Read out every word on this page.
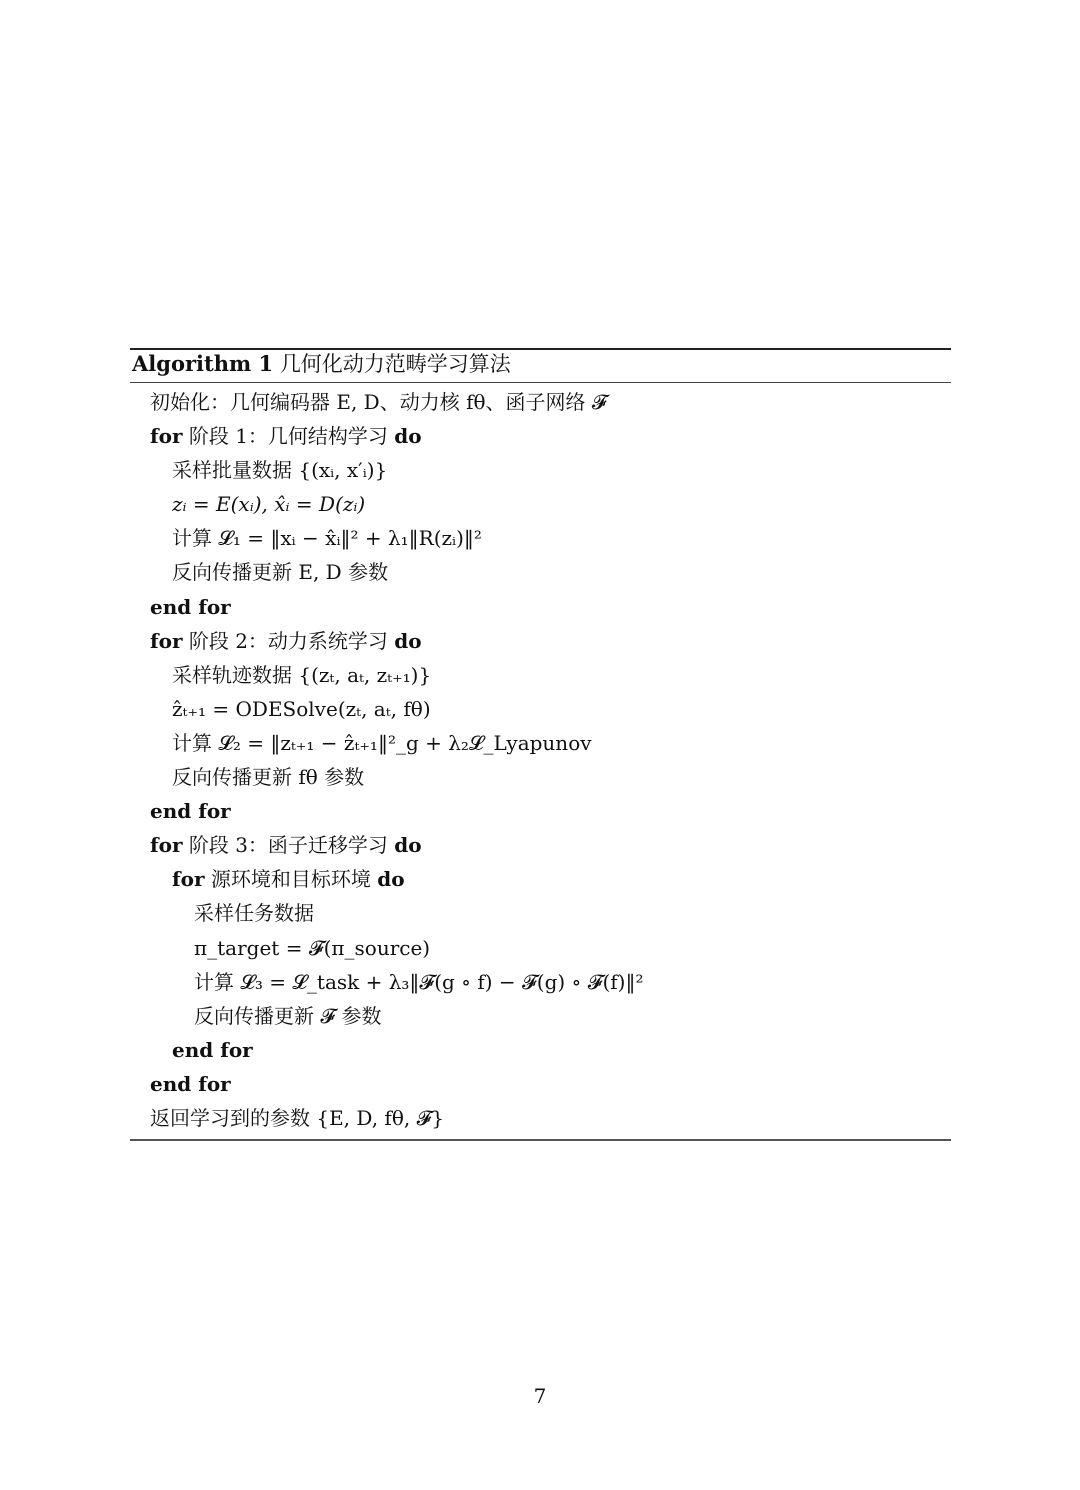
Algorithm 1 几何化动力范畴学习算法
初始化：几何编码器 E, D、动力核 fθ、函子网络 𝓕
for 阶段 1：几何结构学习 do
采样批量数据 {(xᵢ, x′ᵢ)}
zᵢ = E(xᵢ), x̂ᵢ = D(zᵢ)
计算 𝓛₁ = ‖xᵢ − x̂ᵢ‖² + λ₁‖R(zᵢ)‖²
反向传播更新 E, D 参数
end for
for 阶段 2：动力系统学习 do
采样轨迹数据 {(zₜ, aₜ, zₜ₊₁)}
ẑₜ₊₁ = ODESolve(zₜ, aₜ, fθ)
计算 𝓛₂ = ‖zₜ₊₁ − ẑₜ₊₁‖²_g + λ₂𝓛_Lyapunov
反向传播更新 fθ 参数
end for
for 阶段 3：函子迁移学习 do
for 源环境和目标环境 do
采样任务数据
π_target = 𝓕(π_source)
计算 𝓛₃ = 𝓛_task + λ₃‖𝓕(g ∘ f) − 𝓕(g) ∘ 𝓕(f)‖²
反向传播更新 𝓕 参数
end for
end for
返回学习到的参数 {E, D, fθ, 𝓕}
7
